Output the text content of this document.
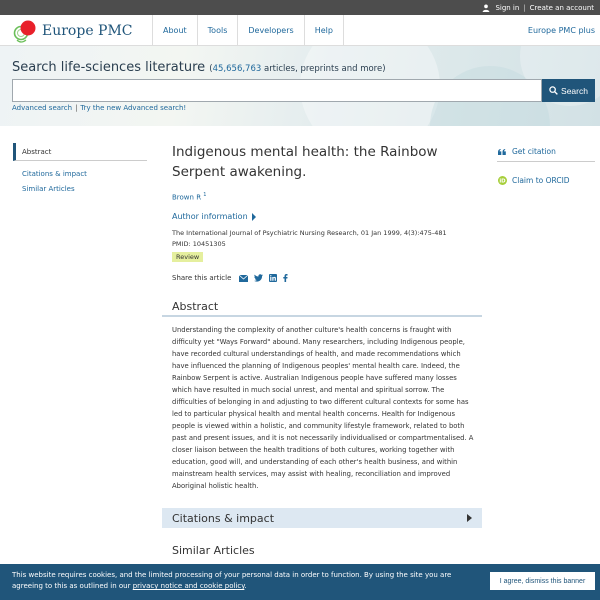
Sign in | Create an account
Europe PMC	About	Tools	Developers	Help	Europe PMC plus
Search life-sciences literature (45,656,763 articles, preprints and more)
Search
Advanced search | Try the new Advanced search!
Abstract
Citations & impact
Similar Articles
Indigenous mental health: the Rainbow Serpent awakening.
Brown R $^1$
Author information
The International Journal of Psychiatric Nursing Research, 01 Jan 1999, 4(3):475-481
PMID: 10451305
Review
Share this article
Abstract

Understanding the complexity of another culture's health concerns is fraught with difficulty yet "Ways Forward" abound. Many researchers, including Indigenous people, have recorded cultural understandings of health, and made recommendations which have influenced the planning of Indigenous peoples' mental health care. Indeed, the Rainbow Serpent is active. Australian Indigenous people have suffered many losses which have resulted in much social unrest, and mental and spiritual sorrow. The difficulties of belonging in and adjusting to two different cultural contexts for some has led to particular physical health and mental health concerns. Health for Indigenous people is viewed within a holistic, and community lifestyle framework, related to both past and present issues, and it is not necessarily individualised or compartmentalised. A closer liaison between the health traditions of both cultures, working together with education, good will, and understanding of each other's health business, and within mainstream health services, may assist with healing, reconciliation and improved Aboriginal holistic health.

Citations & impact
Similar Articles
Get citation
iD Claim to ORCID
This website requires cookies, and the limited processing of your personal data in order to function. By using the site you are agreeing to this as outlined in our privacy notice and cookie policy.
I agree, dismiss this banner
